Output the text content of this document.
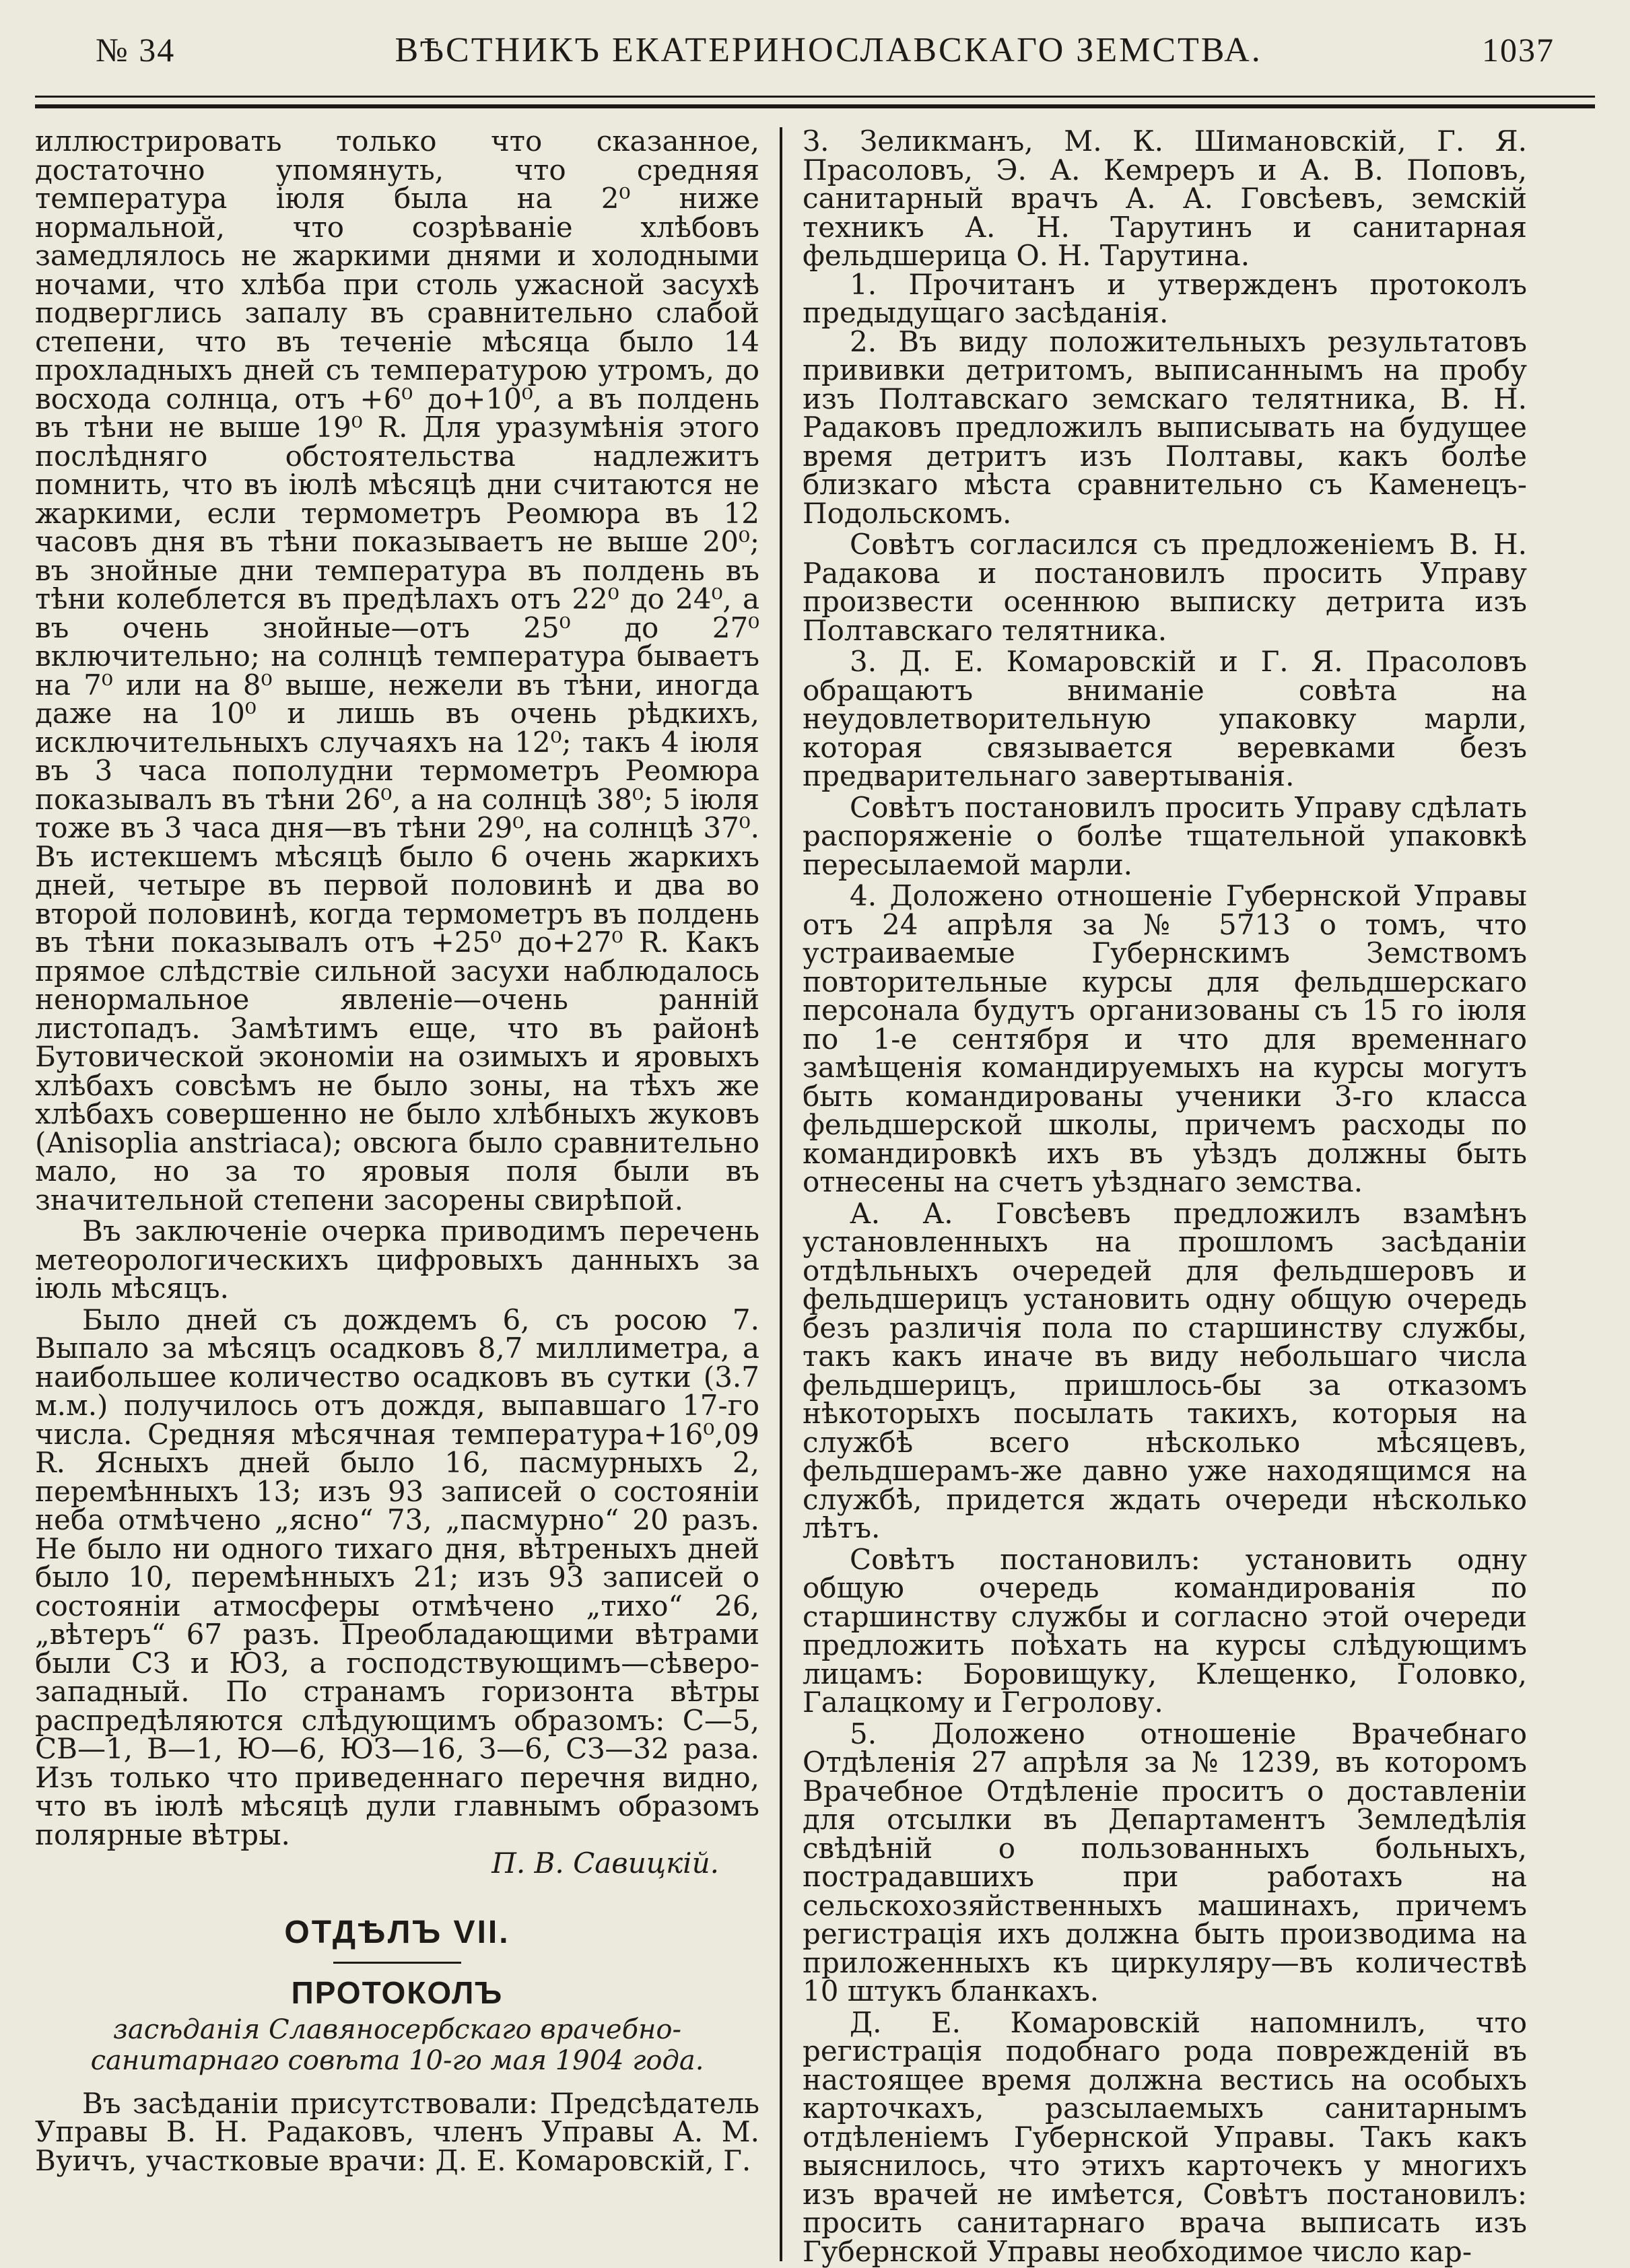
№ 34	ВѢСТНИКЪ ЕКАТЕРИНОСЛАВСКАГО ЗЕМСТВА.	1037

иллюстрировать только что сказанное, достаточно упомянуть, что средняя температура іюля была на 2⁰ ниже нормальной, что созрѣваніе хлѣбовъ замедлялось не жаркими днями и холодными ночами, что хлѣба при столь ужасной засухѣ подверглись запалу въ сравнительно слабой степени, что въ теченіе мѣсяца было 14 прохладныхъ дней съ температурою утромъ, до восхода солнца, отъ +6⁰ до+10⁰, а въ полдень въ тѣни не выше 19⁰ R. Для уразумѣнія этого послѣдняго обстоятельства надлежитъ помнить, что въ іюлѣ мѣсяцѣ дни считаются не жаркими, если термометръ Реомюра въ 12 часовъ дня въ тѣни показываетъ не выше 20⁰; въ знойные дни температура въ полдень въ тѣни колеблется въ предѣлахъ отъ 22⁰ до 24⁰, а въ очень знойные—отъ 25⁰ до 27⁰ включительно; на солнцѣ температура бываетъ на 7⁰ или на 8⁰ выше, нежели въ тѣни, иногда даже на 10⁰ и лишь въ очень рѣдкихъ, исключительныхъ случаяхъ на 12⁰; такъ 4 іюля въ 3 часа пополудни термометръ Реомюра показывалъ въ тѣни 26⁰, а на солнцѣ 38⁰; 5 іюля тоже въ 3 часа дня—въ тѣни 29⁰, на солнцѣ 37⁰. Въ истекшемъ мѣсяцѣ было 6 очень жаркихъ дней, четыре въ первой половинѣ и два во второй половинѣ, когда термометръ въ полдень въ тѣни показывалъ отъ +25⁰ до+27⁰ R. Какъ прямое слѣдствіе сильной засухи наблюдалось ненормальное явленіе—очень ранній листопадъ. Замѣтимъ еще, что въ районѣ Бутовической экономіи на озимыхъ и яровыхъ хлѣбахъ совсѣмъ не было зоны, на тѣхъ же хлѣбахъ совершенно не было хлѣбныхъ жуковъ (Anisoplia anstriaca); овсюга было сравнительно мало, но за то яровыя поля были въ значительной степени засорены свирѣпой.

Въ заключеніе очерка приводимъ перечень метеорологическихъ цифровыхъ данныхъ за іюль мѣсяцъ.

Было дней съ дождемъ 6, съ росою 7. Выпало за мѣсяцъ осадковъ 8,7 миллиметра, а наибольшее количество осадковъ въ сутки (3.7 м.м.) получилось отъ дождя, выпавшаго 17-го числа. Средняя мѣсячная температура+16⁰,09 R. Ясныхъ дней было 16, пасмурныхъ 2, перемѣнныхъ 13; изъ 93 записей о состояніи неба отмѣчено „ясно“ 73, „пасмурно“ 20 разъ. Не было ни одного тихаго дня, вѣтреныхъ дней было 10, перемѣнныхъ 21; изъ 93 записей о состояніи атмосферы отмѣчено „тихо“ 26, „вѣтеръ“ 67 разъ. Преобладающими вѣтрами были СЗ и ЮЗ, а господствующимъ—сѣверо-западный. По странамъ горизонта вѣтры распредѣляются слѣдующимъ образомъ: С—5, СВ—1, В—1, Ю—6, ЮЗ—16, З—6, СЗ—32 раза. Изъ только что приведеннаго перечня видно, что въ іюлѣ мѣсяцѣ дули главнымъ образомъ полярные вѣтры.

П. В. Савицкій.

ОТДѢЛЪ VII.
ПРОТОКОЛЪ
засѣданія Славяносербскаго врачебно-санитарнаго совѣта 10-го мая 1904 года.

Въ засѣданіи присутствовали: Предсѣдатель Управы В. Н. Радаковъ, членъ Управы А. М. Вуичъ, участковые врачи: Д. Е. Комаровскій, Г.

З. Зеликманъ, М. К. Шимановскій, Г. Я. Прасоловъ, Э. А. Кемреръ и А. В. Поповъ, санитарный врачъ А. А. Говсѣевъ, земскій техникъ А. Н. Тарутинъ и санитарная фельдшерица О. Н. Тарутина.

1. Прочитанъ и утвержденъ протоколъ предыдущаго засѣданія.

2. Въ виду положительныхъ результатовъ прививки детритомъ, выписаннымъ на пробу изъ Полтавскаго земскаго телятника, В. Н. Радаковъ предложилъ выписывать на будущее время детритъ изъ Полтавы, какъ болѣе близкаго мѣста сравнительно съ Каменецъ-Подольскомъ.

Совѣтъ согласился съ предложеніемъ В. Н. Радакова и постановилъ просить Управу произвести осеннюю выписку детрита изъ Полтавскаго телятника.

3. Д. Е. Комаровскій и Г. Я. Прасоловъ обращаютъ вниманіе совѣта на неудовлетворительную упаковку марли, которая связывается веревками безъ предварительнаго завертыванія.

Совѣтъ постановилъ просить Управу сдѣлать распоряженіе о болѣе тщательной упаковкѣ пересылаемой марли.

4. Доложено отношеніе Губернской Управы отъ 24 апрѣля за № 5713 о томъ, что устраиваемые Губернскимъ Земствомъ повторительные курсы для фельдшерскаго персонала будутъ организованы съ 15 го іюля по 1-е сентября и что для временнаго замѣщенія командируемыхъ на курсы могутъ быть командированы ученики 3-го класса фельдшерской школы, причемъ расходы по командировкѣ ихъ въ уѣздъ должны быть отнесены на счетъ уѣзднаго земства.

А. А. Говсѣевъ предложилъ взамѣнъ установленныхъ на прошломъ засѣданіи отдѣльныхъ очередей для фельдшеровъ и фельдшерицъ установить одну общую очередь безъ различія пола по старшинству службы, такъ какъ иначе въ виду небольшаго числа фельдшерицъ, пришлось-бы за отказомъ нѣкоторыхъ посылать такихъ, которыя на службѣ всего нѣсколько мѣсяцевъ, фельдшерамъ-же давно уже находящимся на службѣ, придется ждать очереди нѣсколько лѣтъ.

Совѣтъ постановилъ: установить одну общую очередь командированія по старшинству службы и согласно этой очереди предложить поѣхать на курсы слѣдующимъ лицамъ: Боровищуку, Клещенко, Головко, Галацкому и Гегролову.

5. Доложено отношеніе Врачебнаго Отдѣленія 27 апрѣля за № 1239, въ которомъ Врачебное Отдѣленіе проситъ о доставленіи для отсылки въ Департаментъ Земледѣлія свѣдѣній о пользованныхъ больныхъ, пострадавшихъ при работахъ на сельскохозяйственныхъ машинахъ, причемъ регистрація ихъ должна быть производима на приложенныхъ къ циркуляру—въ количествѣ 10 штукъ бланкахъ.

Д. Е. Комаровскій напомнилъ, что регистрація подобнаго рода поврежденій въ настоящее время должна вестись на особыхъ карточкахъ, разсылаемыхъ санитарнымъ отдѣленіемъ Губернской Управы. Такъ какъ выяснилось, что этихъ карточекъ у многихъ изъ врачей не имѣется, Совѣтъ постановилъ: просить санитарнаго врача выписать изъ Губернской Управы необходимое число кар-
